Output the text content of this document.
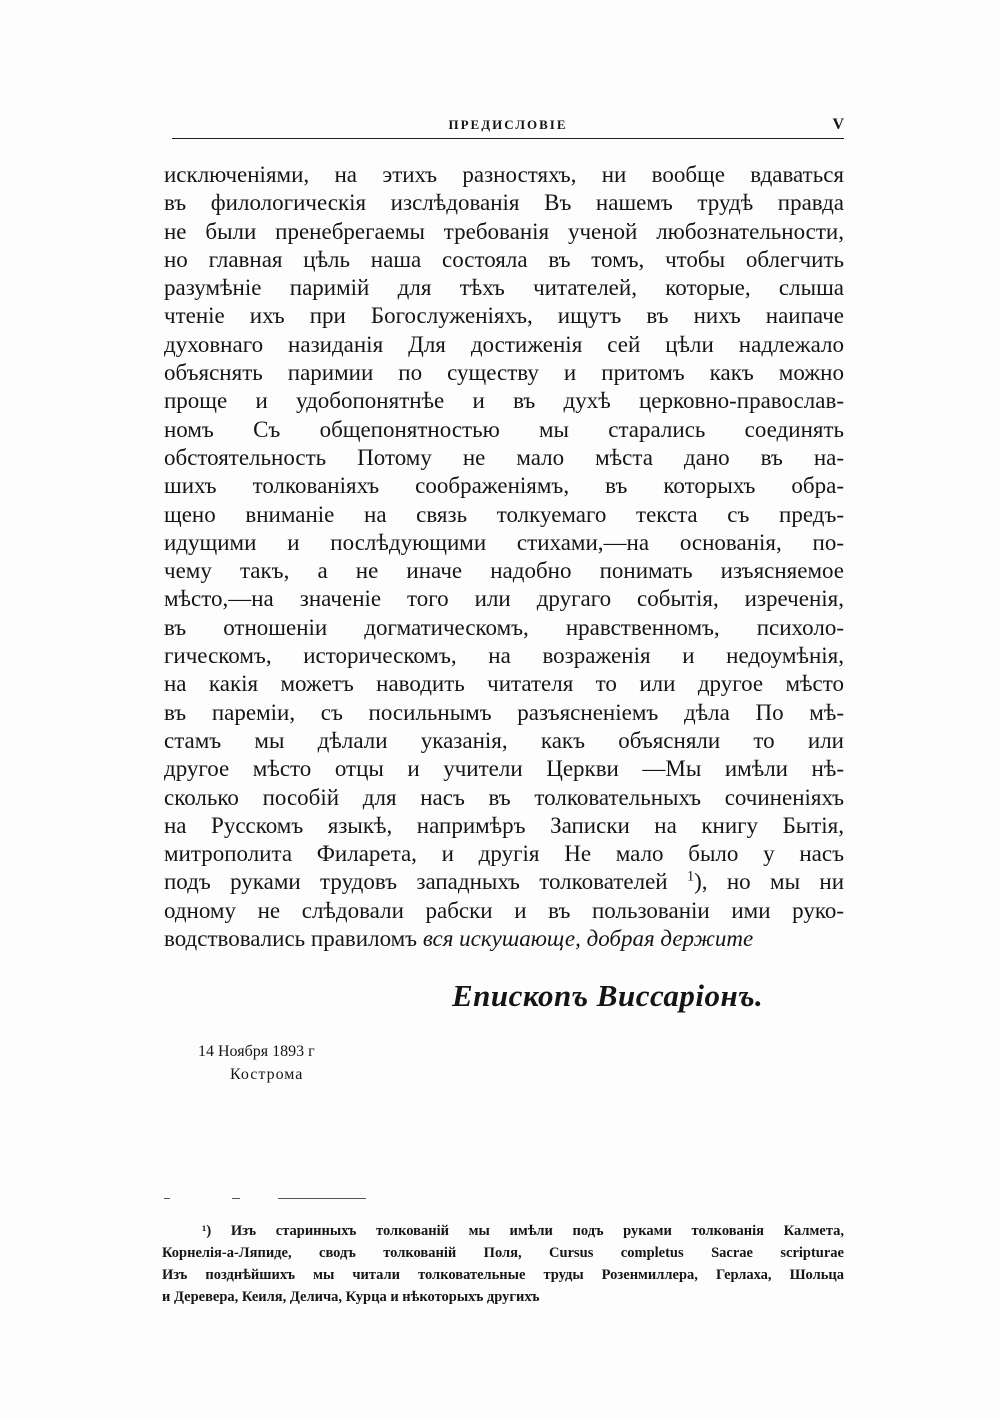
ПРЕДИСЛОВІЕ	V
исключеніями, на этихъ разностяхъ, ни вообще вдаваться
въ филологическія изслѣдованія Въ нашемъ трудѣ правда
не были пренебрегаемы требованія ученой любознательности,
но главная цѣль наша состояла въ томъ, чтобы облегчить
разумѣніе паримій для тѣхъ читателей, которые, слыша
чтеніе ихъ при Богослуженіяхъ, ищутъ въ нихъ наипаче
духовнаго назиданія Для достиженія сей цѣли надлежало
объяснять паримии по существу и притомъ какъ можно
проще и удобопонятнѣе и въ духѣ церковно-православ-
номъ Съ общепонятностью мы старались соединять
обстоятельность Потому не мало мѣста дано въ на-
шихъ толкованіяхъ соображеніямъ, въ которыхъ обра-
щено вниманіе на связь толкуемаго текста съ предъ-
идущими и послѣдующими стихами,—на основанія, по-
чему такъ, а не иначе надобно понимать изъясняемое
мѣсто,—на значеніе того или другаго событія, изреченія,
въ отношеніи догматическомъ, нравственномъ, психоло-
гическомъ, историческомъ, на возраженія и недоумѣнія,
на какія можетъ наводить читателя то или другое мѣсто
въ пареміи, съ посильнымъ разъясненіемъ дѣла По мѣ-
стамъ мы дѣлали указанія, какъ объясняли то или
другое мѣсто отцы и учители Церкви —Мы имѣли нѣ-
сколько пособій для насъ въ толковательныхъ сочиненіяхъ
на Русскомъ языкѣ, напримѣръ Записки на книгу Бытія,
митрополита Филарета, и другія Не мало было у насъ
подъ руками трудовъ западныхъ толкователей $^1$), но мы ни
одному не слѣдовали рабски и въ пользованіи ими руко-
водствовались правиломъ вся искушающе, добрая держите
Епископъ Виссаріонъ.
14 Ноября 1893 г
Кострома
¹) Изъ старинныхъ толкованій мы имѣли подъ руками толкованія Калмета,
Корнелія-а-Ляпиде, сводъ толкованій Поля, Cursus completus Sacrae scripturae
Изъ позднѣйшихъ мы читали толковательные труды Розенмиллера, Герлаха, Шольца
и Деревера, Кеиля, Делича, Курца и нѣкоторыхъ другихъ
